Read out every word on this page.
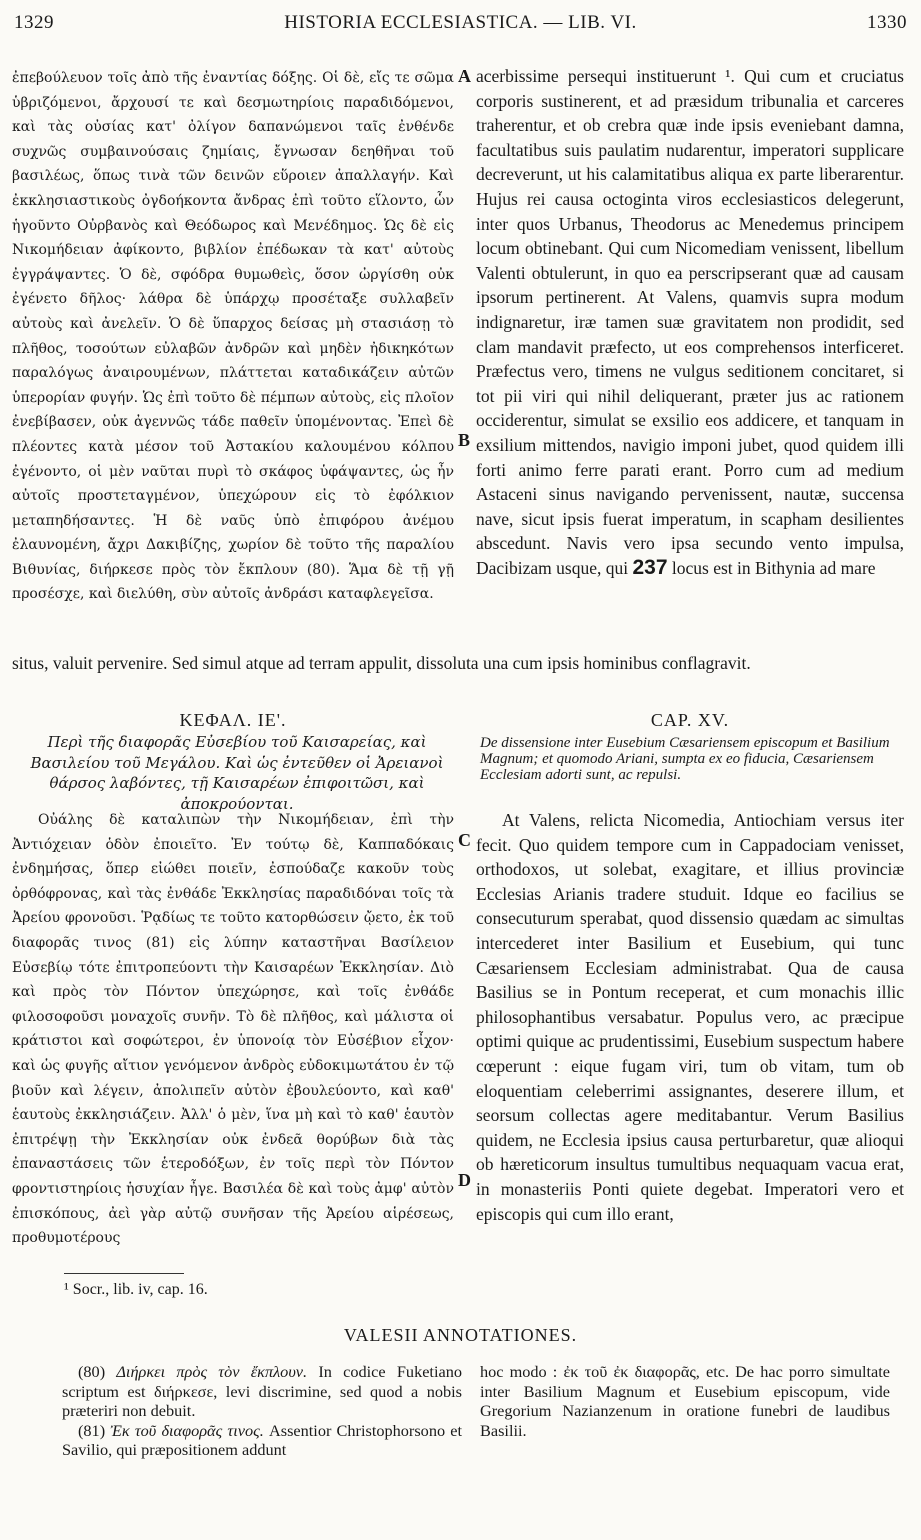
1329	HISTORIA ECCLESIASTICA. — LIB. VI.	1330

ἐπεβούλευον τοῖς ἀπὸ τῆς ἐναντίας δόξης. Οἱ δὲ, εἴς τε σῶμα ὑβριζόμενοι, ἄρχουσί τε καὶ δεσμωτηρίοις παραδιδόμενοι, καὶ τὰς οὐσίας κατ' ὀλίγον δαπανώμενοι ταῖς ἐνθένδε συχνῶς συμβαινούσαις ζημίαις, ἔγνωσαν δεηθῆναι τοῦ βασιλέως, ὅπως τινὰ τῶν δεινῶν εὕροιεν ἀπαλλαγήν. Καὶ ἐκκλησιαστικοὺς ὀγδοήκοντα ἄνδρας ἐπὶ τοῦτο εἵλοντο, ὧν ἡγοῦντο Οὐρβανὸς καὶ Θεόδωρος καὶ Μενέδημος. Ὡς δὲ εἰς Νικομήδειαν ἀφίκοντο, βιβλίον ἐπέδωκαν τὰ κατ' αὐτοὺς ἐγγράψαντες. Ὁ δὲ, σφόδρα θυμωθεὶς, ὅσον ὠργίσθη οὐκ ἐγένετο δῆλος· λάθρα δὲ ὑπάρχῳ προσέταξε συλλαβεῖν αὐτοὺς καὶ ἀνελεῖν. Ὁ δὲ ὕπαρχος δείσας μὴ στασιάσῃ τὸ πλῆθος, τοσούτων εὐλαβῶν ἀνδρῶν καὶ μηδὲν ἠδικηκότων παραλόγως ἀναιρουμένων, πλάττεται καταδικάζειν αὐτῶν ὑπερορίαν φυγήν. Ὡς ἐπὶ τοῦτο δὲ πέμπων αὐτοὺς, εἰς πλοῖον ἐνεβίβασεν, οὐκ ἀγεννῶς τάδε παθεῖν ὑπομένοντας. Ἐπεὶ δὲ πλέοντες κατὰ μέσον τοῦ Ἀστακίου καλουμένου κόλπου ἐγένοντο, οἱ μὲν ναῦται πυρὶ τὸ σκάφος ὑφάψαντες, ὡς ἦν αὐτοῖς προστεταγμένον, ὑπεχώρουν εἰς τὸ ἐφόλκιον μεταπηδήσαντες. Ἡ δὲ ναῦς ὑπὸ ἐπιφόρου ἀνέμου ἐλαυνομένη, ἄχρι Δακιβίζης, χωρίον δὲ τοῦτο τῆς παραλίου Βιθυνίας, διήρκεσε πρὸς τὸν ἔκπλουν (80). Ἅμα δὲ τῇ γῇ προσέσχε, καὶ διελύθη, σὺν αὐτοῖς ἀνδράσι καταφλεγεῖσα.

acerbissime persequi instituerunt ¹. Qui cum et cruciatus corporis sustinerent, et ad præsidum tribunalia et carceres traherentur, et ob crebra quæ inde ipsis eveniebant damna, facultatibus suis paulatim nudarentur, imperatori supplicare decreverunt, ut his calamitatibus aliqua ex parte liberarentur. Hujus rei causa octoginta viros ecclesiasticos delegerunt, inter quos Urbanus, Theodorus ac Menedemus principem locum obtinebant. Qui cum Nicomediam venissent, libellum Valenti obtulerunt, in quo ea perscripserant quæ ad causam ipsorum pertinerent. At Valens, quamvis supra modum indignaretur, iræ tamen suæ gravitatem non prodidit, sed clam mandavit præfecto, ut eos comprehensos interficeret. Præfectus vero, timens ne vulgus seditionem concitaret, si tot pii viri qui nihil deliquerant, præter jus ac rationem occiderentur, simulat se exsilio eos addicere, et tanquam in exsilium mittendos, navigio imponi jubet, quod quidem illi forti animo ferre parati erant. Porro cum ad medium Astaceni sinus navigando pervenissent, nautæ, succensa nave, sicut ipsis fuerat imperatum, in scapham desilientes abscedunt. Navis vero ipsa secundo vento impulsa, Dacibizam usque, qui 237 locus est in Bithynia ad mare

A
B
C
D
situs, valuit pervenire. Sed simul atque ad terram appulit, dissoluta una cum ipsis hominibus conflagravit.
ΚΕΦΑΛ. ΙΕ'.	CAP. XV.
Περὶ τῆς διαφορᾶς Εὐσεβίου τοῦ Καισαρείας, καὶ Βασιλείου τοῦ Μεγάλου. Καὶ ὡς ἐντεῦθεν οἱ Ἀρειανοὶ θάρσος λαβόντες, τῇ Καισαρέων ἐπιφοιτῶσι, καὶ ἀποκρούονται.
De dissensione inter Eusebium Cæsariensem episcopum et Basilium Magnum; et quomodo Ariani, sumpta ex eo fiducia, Cæsariensem Ecclesiam adorti sunt, ac repulsi.
Οὐάλης δὲ καταλιπὼν τὴν Νικομήδειαν, ἐπὶ τὴν Ἀντιόχειαν ὁδὸν ἐποιεῖτο. Ἐν τούτῳ δὲ, Καππαδόκαις ἐνδημήσας, ὅπερ εἰώθει ποιεῖν, ἐσπούδαζε κακοῦν τοὺς ὀρθόφρονας, καὶ τὰς ἐνθάδε Ἐκκλησίας παραδιδόναι τοῖς τὰ Ἀρείου φρονοῦσι. Ῥᾳδίως τε τοῦτο κατορθώσειν ᾤετο, ἐκ τοῦ διαφορᾶς τινος (81) εἰς λύπην καταστῆναι Βασίλειον Εὐσεβίῳ τότε ἐπιτροπεύοντι τὴν Καισαρέων Ἐκκλησίαν. Διὸ καὶ πρὸς τὸν Πόντον ὑπεχώρησε, καὶ τοῖς ἐνθάδε φιλοσοφοῦσι μοναχοῖς συνῆν. Τὸ δὲ πλῆθος, καὶ μάλιστα οἱ κράτιστοι καὶ σοφώτεροι, ἐν ὑπονοίᾳ τὸν Εὐσέβιον εἶχον· καὶ ὡς φυγῆς αἴτιον γενόμενον ἀνδρὸς εὐδοκιμωτάτου ἐν τῷ βιοῦν καὶ λέγειν, ἀπολιπεῖν αὐτὸν ἐβουλεύοντο, καὶ καθ' ἑαυτοὺς ἐκκλησιάζειν. Ἀλλ' ὁ μὲν, ἵνα μὴ καὶ τὸ καθ' ἑαυτὸν ἐπιτρέψῃ τὴν Ἐκκλησίαν οὐκ ἐνδεᾶ θορύβων διὰ τὰς ἐπαναστάσεις τῶν ἑτεροδόξων, ἐν τοῖς περὶ τὸν Πόντον φροντιστηρίοις ἡσυχίαν ἦγε. Βασιλέα δὲ καὶ τοὺς ἀμφ' αὐτὸν ἐπισκόπους, ἀεὶ γὰρ αὐτῷ συνῆσαν τῆς Ἀρείου αἱρέσεως, προθυμοτέρους
At Valens, relicta Nicomedia, Antiochiam versus iter fecit. Quo quidem tempore cum in Cappadociam venisset, orthodoxos, ut solebat, exagitare, et illius provinciæ Ecclesias Arianis tradere studuit. Idque eo facilius se consecuturum sperabat, quod dissensio quædam ac simultas intercederet inter Basilium et Eusebium, qui tunc Cæsariensem Ecclesiam administrabat. Qua de causa Basilius se in Pontum receperat, et cum monachis illic philosophantibus versabatur. Populus vero, ac præcipue optimi quique ac prudentissimi, Eusebium suspectum habere cœperunt : eique fugam viri, tum ob vitam, tum ob eloquentiam celeberrimi assignantes, deserere illum, et seorsum collectas agere meditabantur. Verum Basilius quidem, ne Ecclesia ipsius causa perturbaretur, quæ alioqui ob hæreticorum insultus tumultibus nequaquam vacua erat, in monasteriis Ponti quiete degebat. Imperatori vero et episcopis qui cum illo erant,
¹ Socr., lib. iv, cap. 16.
VALESII ANNOTATIONES.

(80) Διήρκει πρὸς τὸν ἔκπλουν. In codice Fuketiano scriptum est διήρκεσε, levi discrimine, sed quod a nobis præteriri non debuit.

(81) Ἐκ τοῦ διαφορᾶς τινος. Assentior Christophorsono et Savilio, qui præpositionem addunt

hoc modo : ἐκ τοῦ ἐκ διαφορᾶς, etc. De hac porro simultate inter Basilium Magnum et Eusebium episcopum, vide Gregorium Nazianzenum in oratione funebri de laudibus Basilii.
